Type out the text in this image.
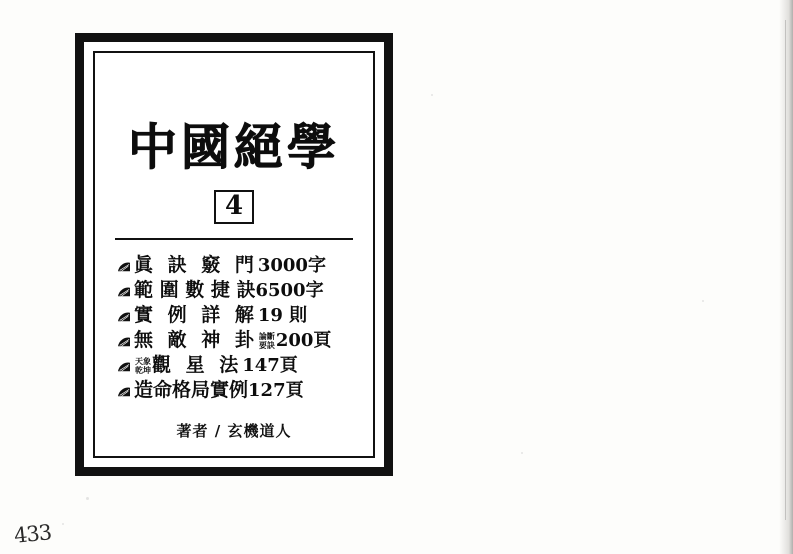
中國絕學
4
眞 訣 竅 門 3000字
範 圍 數 捷 訣 6500字
實 例 詳 解 19 則
無 敵 神 卦 論斷
要訣 200頁
天象
乾坤 觀 星 法 147頁
造命格局實例 127頁
著者 / 玄機道人
433
